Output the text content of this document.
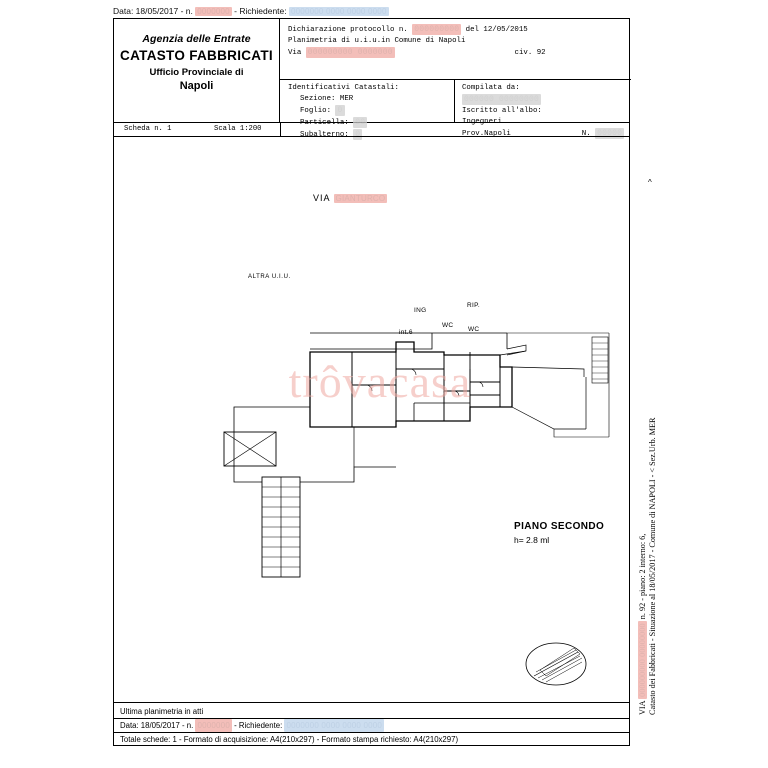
Data: 18/05/2017 - n. 0000000 - Richiedente: 0000000 0000 0000 0000
Agenzia delle Entrate
CATASTO FABBRICATI
Ufficio Provinciale di
Napoli
Dichiarazione protocollo n. 000000000 del 12/05/2015
Planimetria di u.i.u.in Comune di Napoli
Via 000000000 0000000	civ. 92
Identificativi Catastali:
Sezione: MER
Foglio: 0
Particella: 00
Subalterno: 0
Compilata da:
000000 00000000
Iscritto all'albo:
Ingegneri
Prov.Napoli	N. 00000
Scheda n. 1	Scala 1:200
VIA GIANTURCO
ALTRA U.I.U.
ING
RIP.
WC
WC
int.6
PIANO SECONDO
h= 2.8 ml
Ultima planimetria in atti
Data: 18/05/2017 - n. 0000000 - Richiedente: 0000000 0000 0000 0000
Totale schede: 1 - Formato di acquisizione: A4(210x297) - Formato stampa richiesto: A4(210x297)
trôvacasa
^
Catasto dei Fabbricati - Situazione al 18/05/2017 - Comune di NAPOLI - < Sez.Urb. MER
VIA 000000000 00000000 n. 92 - piano: 2 interno: 6,
